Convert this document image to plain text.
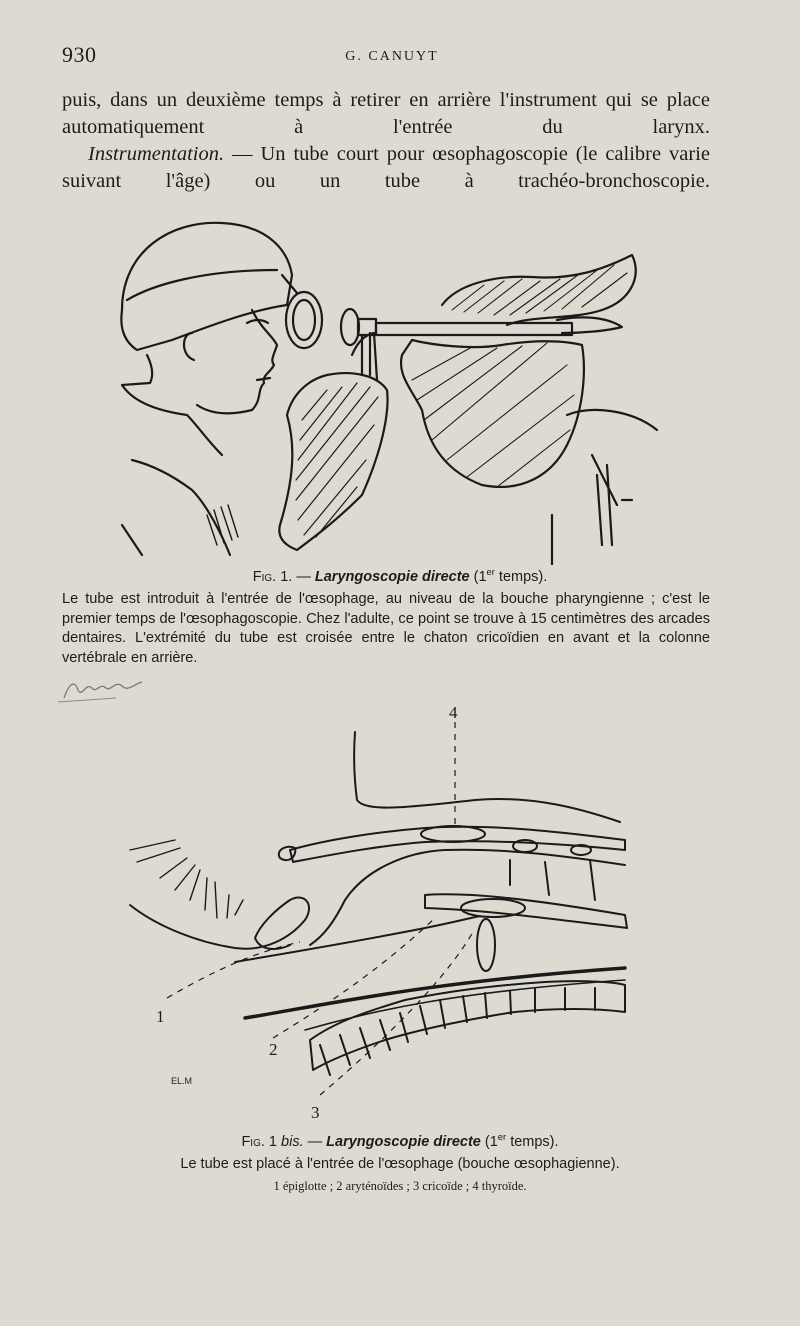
930	G. CANUYT

puis, dans un deuxième temps à retirer en arrière l'instrument qui se place automatiquement à l'entrée du larynx.

Instrumentation. — Un tube court pour œsophagoscopie (le calibre varie suivant l'âge) ou un tube à trachéo-bronchoscopie.

Fig. 1. — Laryngoscopie directe (1er temps).
Le tube est introduit à l'entrée de l'œsophage, au niveau de la bouche pharyngienne ; c'est le premier temps de l'œsophagoscopie. Chez l'adulte, ce point se trouve à 15 centimètres des arcades dentaires. L'extrémité du tube est croisée entre le chaton cricoïdien en avant et la colonne vertébrale en arrière.
1
2
3
4
EL.M
Fig. 1 bis. — Laryngoscopie directe (1er temps).
Le tube est placé à l'entrée de l'œsophage (bouche œsophagienne).
1 épiglotte ; 2 aryténoïdes ; 3 cricoïde ; 4 thyroïde.
